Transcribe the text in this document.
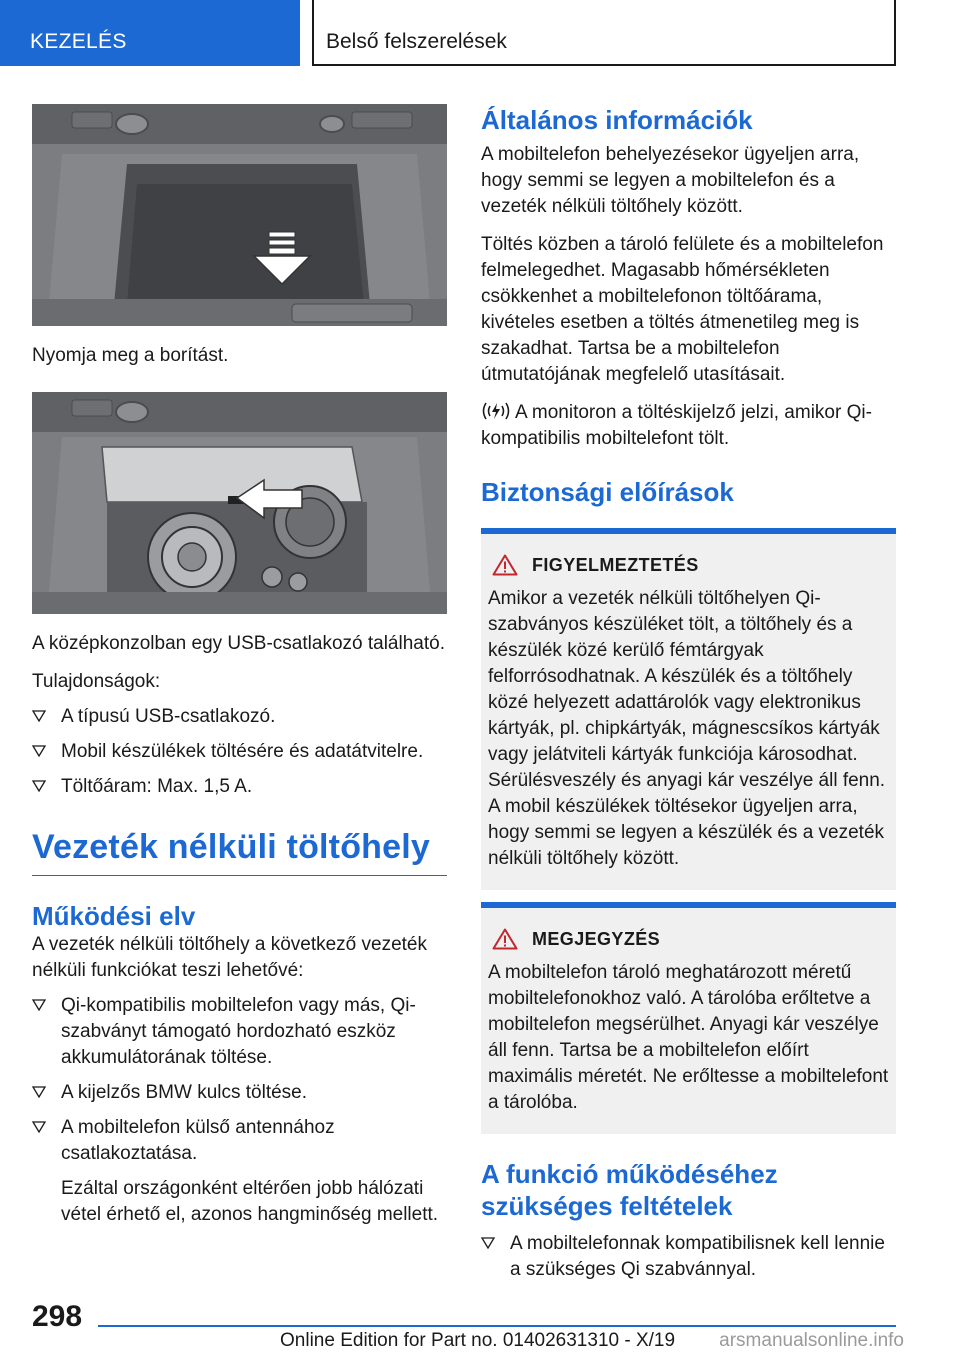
KEZELÉS	Belső felszerelések

Nyomja meg a borítást.

A középkonzolban egy USB-csatlakozó található.

Tulajdonságok:

A típusú USB-csatlakozó.
Mobil készülékek töltésére és adatátvitelre.
Töltőáram: Max. 1,5 A.
Vezeték nélküli töltőhely
Működési elv

A vezeték nélküli töltőhely a következő vezeték nélküli funkciókat teszi lehetővé:

Qi-kompatibilis mobiltelefon vagy más, Qi-szabványt támogató hordozható eszköz akkumulátorának töltése.
A kijelzős BMW kulcs töltése.
A mobiltelefon külső antennához csatlakoztatása.

Ezáltal országonként eltérően jobb hálózati vétel érhető el, azonos hangminőség mellett.

Általános információk

A mobiltelefon behelyezésekor ügyeljen arra, hogy semmi se legyen a mobiltelefon és a vezeték nélküli töltőhely között.

Töltés közben a tároló felülete és a mobiltelefon felmelegedhet. Magasabb hőmérsékleten csökkenhet a mobiltelefonon töltőárama, kivételes esetben a töltés átmenetileg meg is szakadhat. Tartsa be a mobiltelefon útmutatójának megfelelő utasításait.

A monitoron a töltéskijelző jelzi, amikor Qi-kompatibilis mobiltelefont tölt.

Biztonsági előírások
FIGYELMEZTETÉS

Amikor a vezeték nélküli töltőhelyen Qi-szabványos készüléket tölt, a töltőhely és a készülék közé kerülő fémtárgyak felforrósodhatnak. A készülék és a töltőhely közé helyezett adattárolók vagy elektronikus kártyák, pl. chipkártyák, mágnescsíkos kártyák vagy jelátviteli kártyák funkciója károsodhat. Sérülésveszély és anyagi kár veszélye áll fenn. A mobil készülékek töltésekor ügyeljen arra, hogy semmi se legyen a készülék és a vezeték nélküli töltőhely között.

MEGJEGYZÉS

A mobiltelefon tároló meghatározott méretű mobiltelefonokhoz való. A tárolóba erőltetve a mobiltelefon megsérülhet. Anyagi kár veszélye áll fenn. Tartsa be a mobiltelefon előírt maximális méretét. Ne erőltesse a mobiltelefont a tárolóba.

A funkció működéséhez szükséges feltételek
A mobiltelefonnak kompatibilisnek kell lennie a szükséges Qi szabvánnyal.
298
Online Edition for Part no. 01402631310 - X/19 arsmanualsonline.info
